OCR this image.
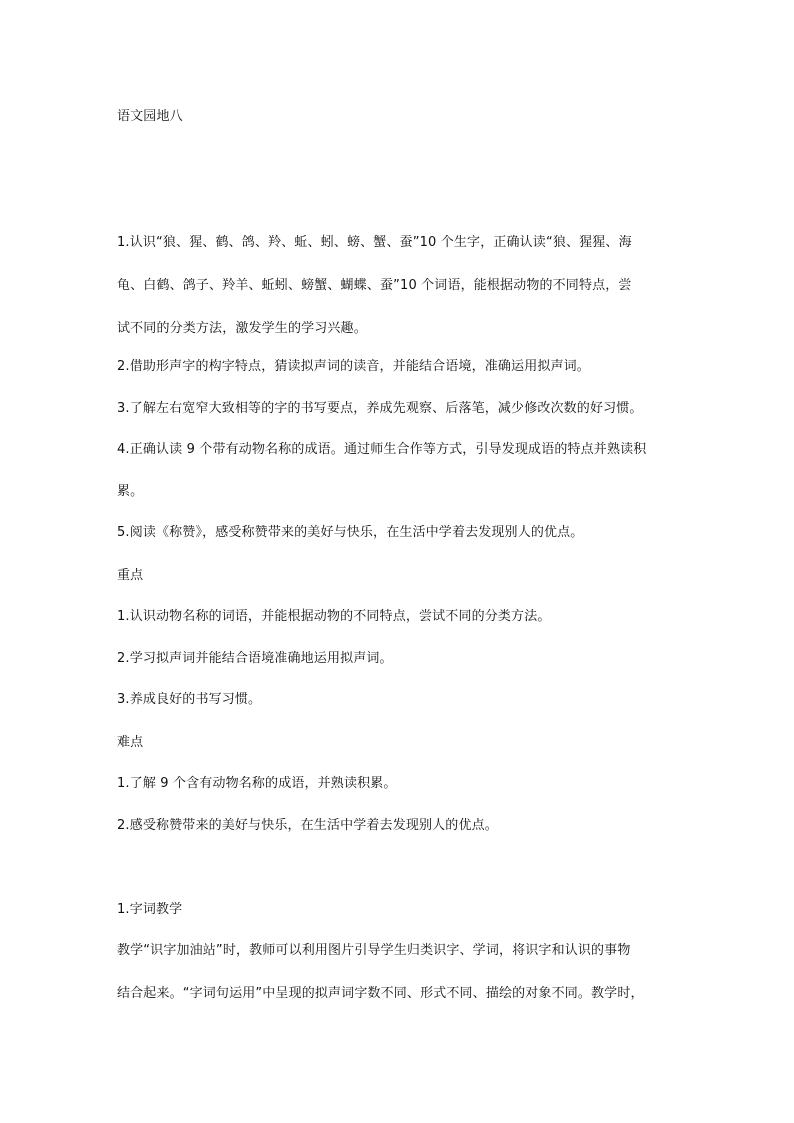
语文园地八
1.认识“狼、猩、鹤、鸽、羚、蚯、蚓、螃、蟹、蚕”10 个生字，正确认读“狼、猩猩、海
龟、白鹤、鸽子、羚羊、蚯蚓、螃蟹、蝴蝶、蚕”10 个词语，能根据动物的不同特点，尝
试不同的分类方法，激发学生的学习兴趣。
2.借助形声字的构字特点，猜读拟声词的读音，并能结合语境，准确运用拟声词。
3.了解左右宽窄大致相等的字的书写要点，养成先观察、后落笔，减少修改次数的好习惯。
4.正确认读 9 个带有动物名称的成语。通过师生合作等方式，引导发现成语的特点并熟读积
累。
5.阅读《称赞》，感受称赞带来的美好与快乐，在生活中学着去发现别人的优点。
重点
1.认识动物名称的词语，并能根据动物的不同特点，尝试不同的分类方法。
2.学习拟声词并能结合语境准确地运用拟声词。
3.养成良好的书写习惯。
难点
1.了解 9 个含有动物名称的成语，并熟读积累。
2.感受称赞带来的美好与快乐，在生活中学着去发现别人的优点。
1.字词教学
教学“识字加油站”时，教师可以利用图片引导学生归类识字、学词，将识字和认识的事物
结合起来。“字词句运用”中呈现的拟声词字数不同、形式不同、描绘的对象不同。教学时，
